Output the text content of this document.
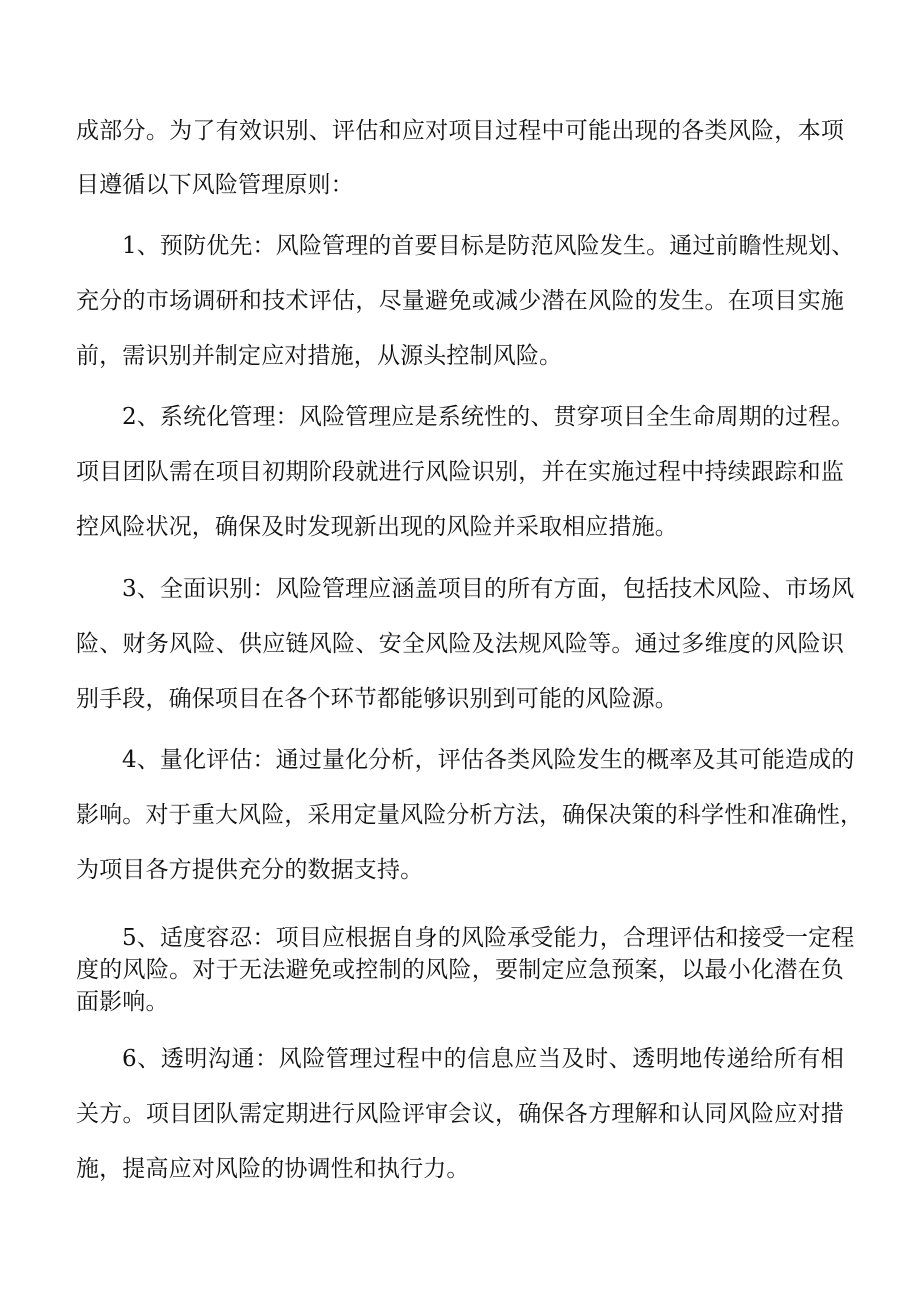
成部分。为了有效识别、评估和应对项目过程中可能出现的各类风险，本项
目遵循以下风险管理原则：
1、预防优先：风险管理的首要目标是防范风险发生。通过前瞻性规划、
充分的市场调研和技术评估，尽量避免或减少潜在风险的发生。在项目实施
前，需识别并制定应对措施，从源头控制风险。
2、系统化管理：风险管理应是系统性的、贯穿项目全生命周期的过程。
项目团队需在项目初期阶段就进行风险识别，并在实施过程中持续跟踪和监
控风险状况，确保及时发现新出现的风险并采取相应措施。
3、全面识别：风险管理应涵盖项目的所有方面，包括技术风险、市场风
险、财务风险、供应链风险、安全风险及法规风险等。通过多维度的风险识
别手段，确保项目在各个环节都能够识别到可能的风险源。
4、量化评估：通过量化分析，评估各类风险发生的概率及其可能造成的
影响。对于重大风险，采用定量风险分析方法，确保决策的科学性和准确性，
为项目各方提供充分的数据支持。
5、适度容忍：项目应根据自身的风险承受能力，合理评估和接受一定程
度的风险。对于无法避免或控制的风险，要制定应急预案，以最小化潜在负
面影响。
6、透明沟通：风险管理过程中的信息应当及时、透明地传递给所有相
关方。项目团队需定期进行风险评审会议，确保各方理解和认同风险应对措
施，提高应对风险的协调性和执行力。
